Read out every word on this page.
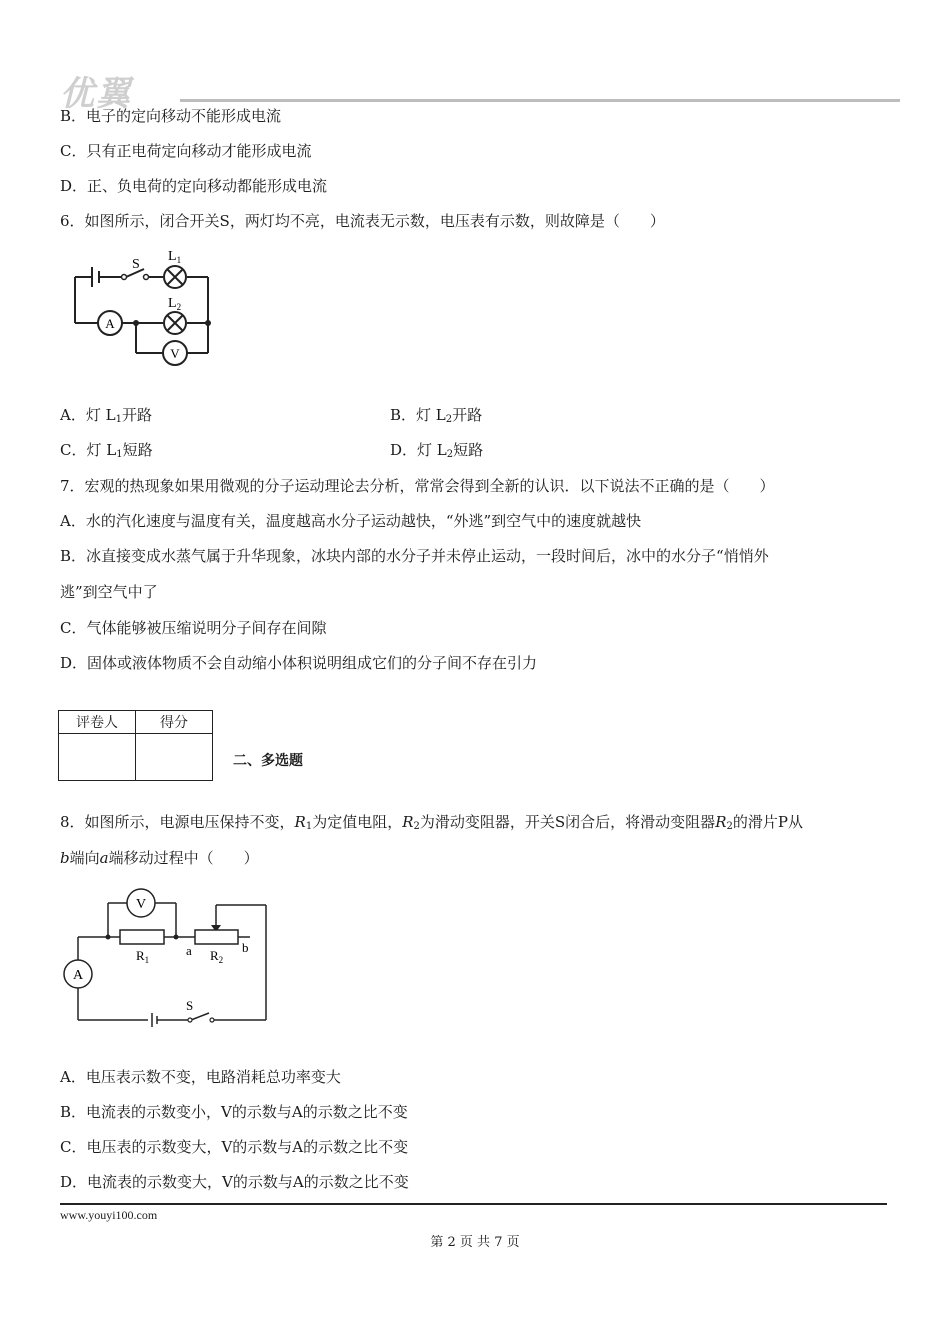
优翼
B．电子的定向移动不能形成电流
C．只有正电荷定向移动才能形成电流
D．正、负电荷的定向移动都能形成电流
6．如图所示，闭合开关S，两灯均不亮，电流表无示数，电压表有示数，则故障是（　　）
A
V
S
$L_1$
$L_2$
A．灯 $L_1$开路	B．灯 $L_2$开路
C．灯 $L_1$短路	D．灯 $L_2$短路
7．宏观的热现象如果用微观的分子运动理论去分析，常常会得到全新的认识．以下说法不正确的是（　　）
A．水的汽化速度与温度有关，温度越高水分子运动越快，“外逃”到空气中的速度就越快
B．冰直接变成水蒸气属于升华现象，冰块内部的水分子并未停止运动，一段时间后，冰中的水分子“悄悄外
逃”到空气中了
C．气体能够被压缩说明分子间存在间隙
D．固体或液体物质不会自动缩小体积说明组成它们的分子间不存在引力
评卷人	得分

二、多选题
8．如图所示，电源电压保持不变，$R_1$为定值电阻，$R_2$为滑动变阻器，开关S闭合后，将滑动变阻器$R_2$的滑片P从
b端向a端移动过程中（　　）
V
A
$R_1$	$R_2$
a	b
S
A．电压表示数不变，电路消耗总功率变大
B．电流表的示数变小，V的示数与A的示数之比不变
C．电压表的示数变大，V的示数与A的示数之比不变
D．电流表的示数变大，V的示数与A的示数之比不变
www.youyi100.com
第 2 页 共 7 页
